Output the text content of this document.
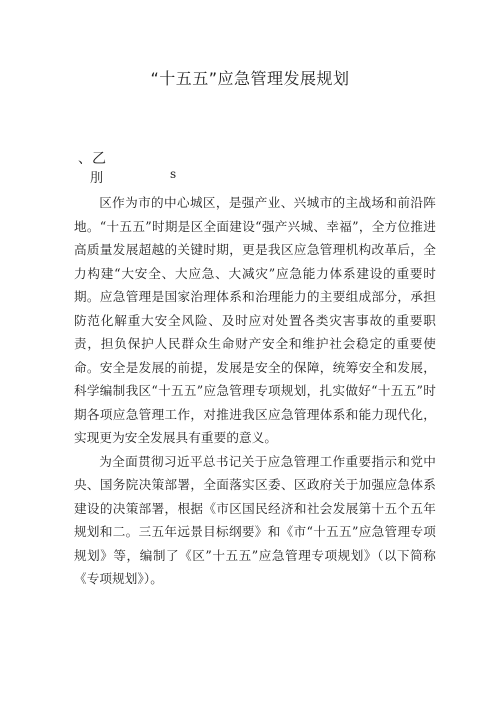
“十五五”应急管理发展规划
、乙
刖	s

区作为市的中心城区，是强产业、兴城市的主战场和前沿阵地。“十五五”时期是区全面建设“强产兴城、幸福”，全方位推进高质量发展超越的关键时期，更是我区应急管理机构改革后，全力构建“大安全、大应急、大减灾”应急能力体系建设的重要时期。应急管理是国家治理体系和治理能力的主要组成部分，承担防范化解重大安全风险、及时应对处置各类灾害事故的重要职责，担负保护人民群众生命财产安全和维护社会稳定的重要使命。安全是发展的前提，发展是安全的保障，统筹安全和发展，科学编制我区“十五五”应急管理专项规划，扎实做好“十五五”时期各项应急管理工作，对推进我区应急管理体系和能力现代化，实现更为安全发展具有重要的意义。

为全面贯彻习近平总书记关于应急管理工作重要指示和党中央、国务院决策部署，全面落实区委、区政府关于加强应急体系建设的决策部署，根据《市区国民经济和社会发展第十五个五年规划和二。三五年远景目标纲要》和《市“十五五”应急管理专项规划》等，编制了《区”十五五”应急管理专项规划》（以下简称《专项规划》）。
